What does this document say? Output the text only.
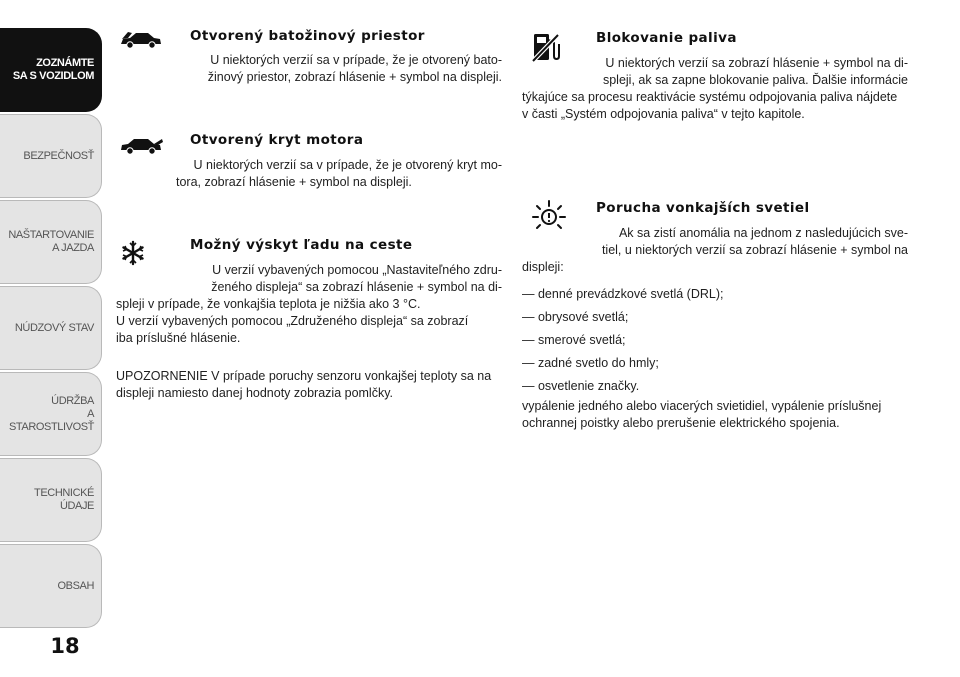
ZOZNÁMTE
SA S VOZIDLOM
BEZPEČNOSŤ
NAŠTARTOVANIE
A JAZDA
NÚDZOVÝ STAV
ÚDRŽBA
A STAROSTLIVOSŤ
TECHNICKÉ
ÚDAJE
OBSAH
18
Otvorený batožinový priestor
U niektorých verzií sa v prípade, že je otvorený bato-
žinový priestor, zobrazí hlásenie + symbol na displeji.
Otvorený kryt motora
U niektorých verzií sa v prípade, že je otvorený kryt mo-
tora, zobrazí hlásenie + symbol na displeji.
Možný výskyt ľadu na ceste
U verzií vybavených pomocou „Nastaviteľného zdru-
ženého displeja“ sa zobrazí hlásenie + symbol na di-
spleji v prípade, že vonkajšia teplota je nižšia ako 3 °C.
U verzií vybavených pomocou „Združeného displeja“ sa zobrazí
iba príslušné hlásenie.
UPOZORNENIE V prípade poruchy senzoru vonkajšej teploty sa na
displeji namiesto danej hodnoty zobrazia pomlčky.
Blokovanie paliva
U niektorých verzií sa zobrazí hlásenie + symbol na di-
spleji, ak sa zapne blokovanie paliva. Ďalšie informácie
týkajúce sa procesu reaktivácie systému odpojovania paliva nájdete
v časti „Systém odpojovania paliva“ v tejto kapitole.
Porucha vonkajších svetiel
Ak sa zistí anomália na jednom z nasledujúcich sve-
tiel, u niektorých verzií sa zobrazí hlásenie + symbol na
displeji:
— denné prevádzkové svetlá (DRL);
— obrysové svetlá;
— smerové svetlá;
— zadné svetlo do hmly;
— osvetlenie značky.
vypálenie jedného alebo viacerých svietidiel, vypálenie príslušnej
ochrannej poistky alebo prerušenie elektrického spojenia.
